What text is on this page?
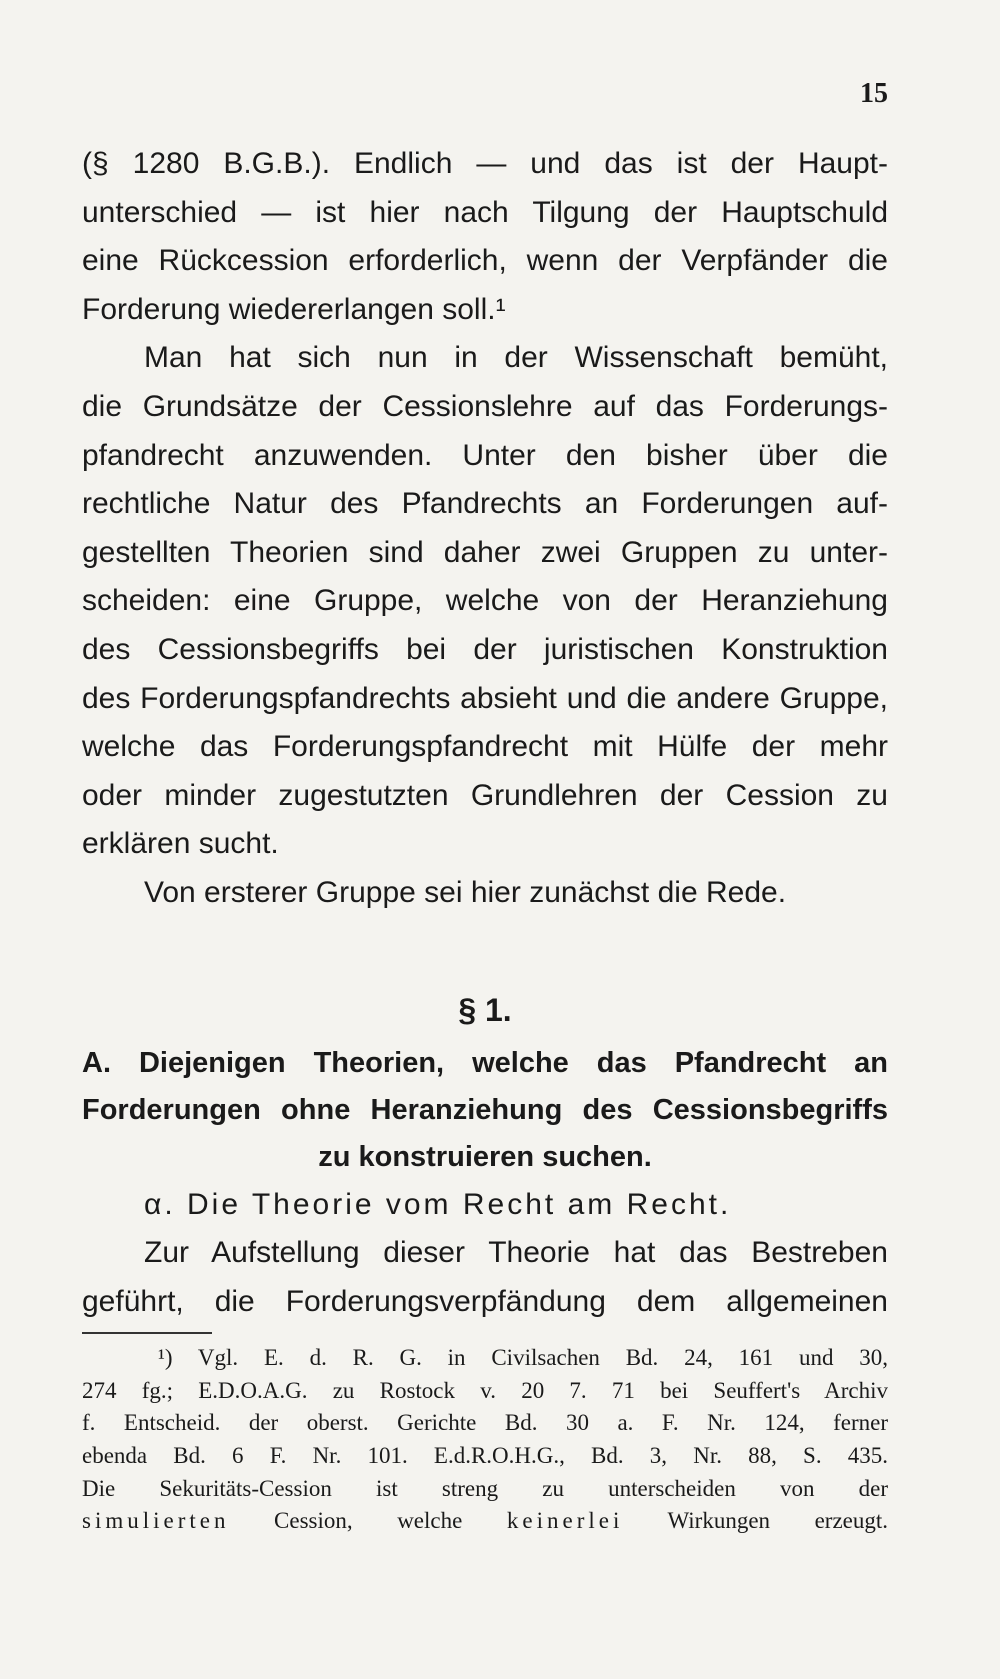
15
(§ 1280 B.G.B.). Endlich — und das ist der Haupt-
unterschied — ist hier nach Tilgung der Hauptschuld
eine Rückcession erforderlich, wenn der Verpfänder die
Forderung wiedererlangen soll.¹
Man hat sich nun in der Wissenschaft bemüht,
die Grundsätze der Cessionslehre auf das Forderungs-
pfandrecht anzuwenden. Unter den bisher über die
rechtliche Natur des Pfandrechts an Forderungen auf-
gestellten Theorien sind daher zwei Gruppen zu unter-
scheiden: eine Gruppe, welche von der Heranziehung
des Cessionsbegriffs bei der juristischen Konstruktion
des Forderungspfandrechts absieht und die andere Gruppe,
welche das Forderungspfandrecht mit Hülfe der mehr
oder minder zugestutzten Grundlehren der Cession zu
erklären sucht.
Von ersterer Gruppe sei hier zunächst die Rede.
§ 1.
A. Diejenigen Theorien, welche das Pfandrecht an
Forderungen ohne Heranziehung des Cessionsbegriffs
zu konstruieren suchen.
α. Die Theorie vom Recht am Recht.
Zur Aufstellung dieser Theorie hat das Bestreben
geführt, die Forderungsverpfändung dem allgemeinen
¹) Vgl. E. d. R. G. in Civilsachen Bd. 24, 161 und 30,
274 fg.; E.D.O.A.G. zu Rostock v. 20 7. 71 bei Seuffert's Archiv
f. Entscheid. der oberst. Gerichte Bd. 30 a. F. Nr. 124, ferner
ebenda Bd. 6 F. Nr. 101. E.d.R.O.H.G., Bd. 3, Nr. 88, S. 435.
Die Sekuritäts-Cession ist streng zu unterscheiden von der
simulierten Cession, welche keinerlei Wirkungen erzeugt.
